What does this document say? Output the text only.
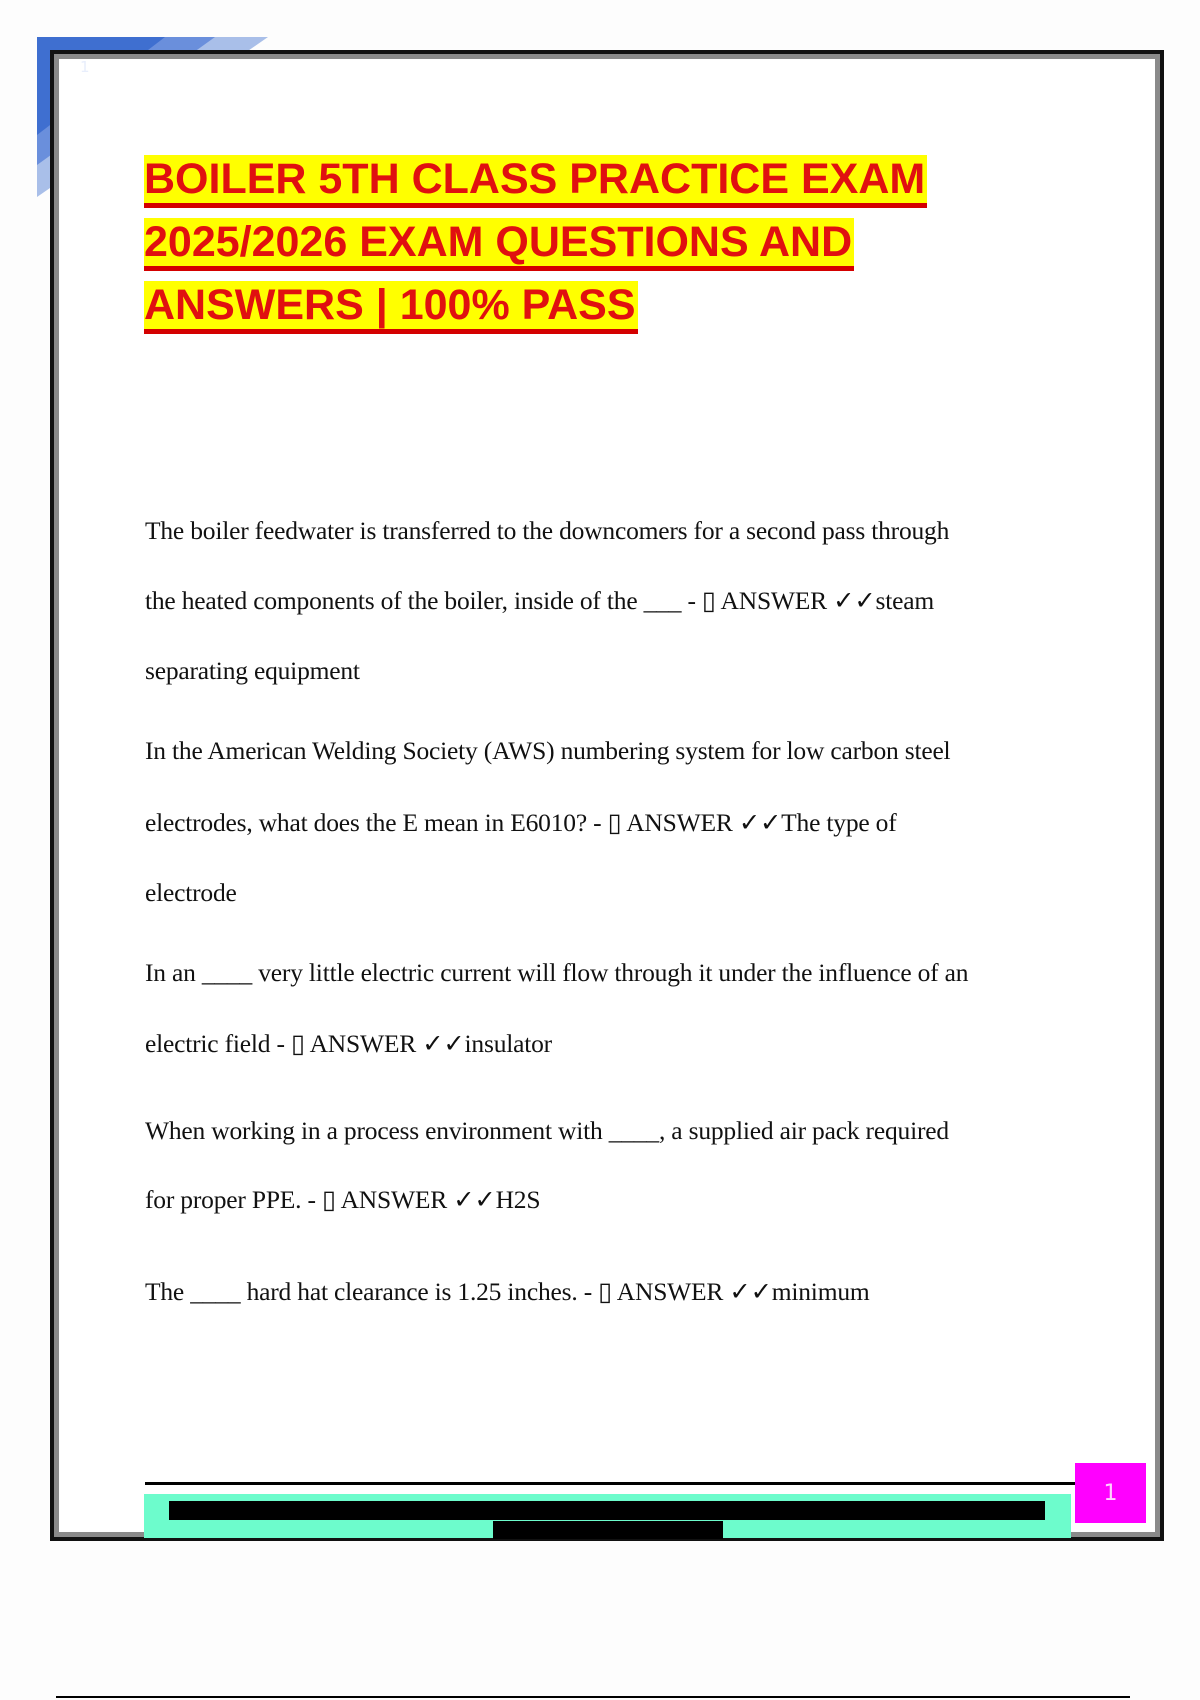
1
BOILER 5TH CLASS PRACTICE EXAM
2025/2026 EXAM QUESTIONS AND
ANSWERS | 100% PASS
The boiler feedwater is transferred to the downcomers for a second pass through
the heated components of the boiler, inside of the ___ - ▯ ANSWER ✓✓steam
separating equipment
In the American Welding Society (AWS) numbering system for low carbon steel
electrodes, what does the E mean in E6010? - ▯ ANSWER ✓✓The type of
electrode
In an ____ very little electric current will flow through it under the influence of an
electric field - ▯ ANSWER ✓✓insulator
When working in a process environment with ____, a supplied air pack required
for proper PPE. - ▯ ANSWER ✓✓H2S
The ____ hard hat clearance is 1.25 inches. - ▯ ANSWER ✓✓minimum
1
